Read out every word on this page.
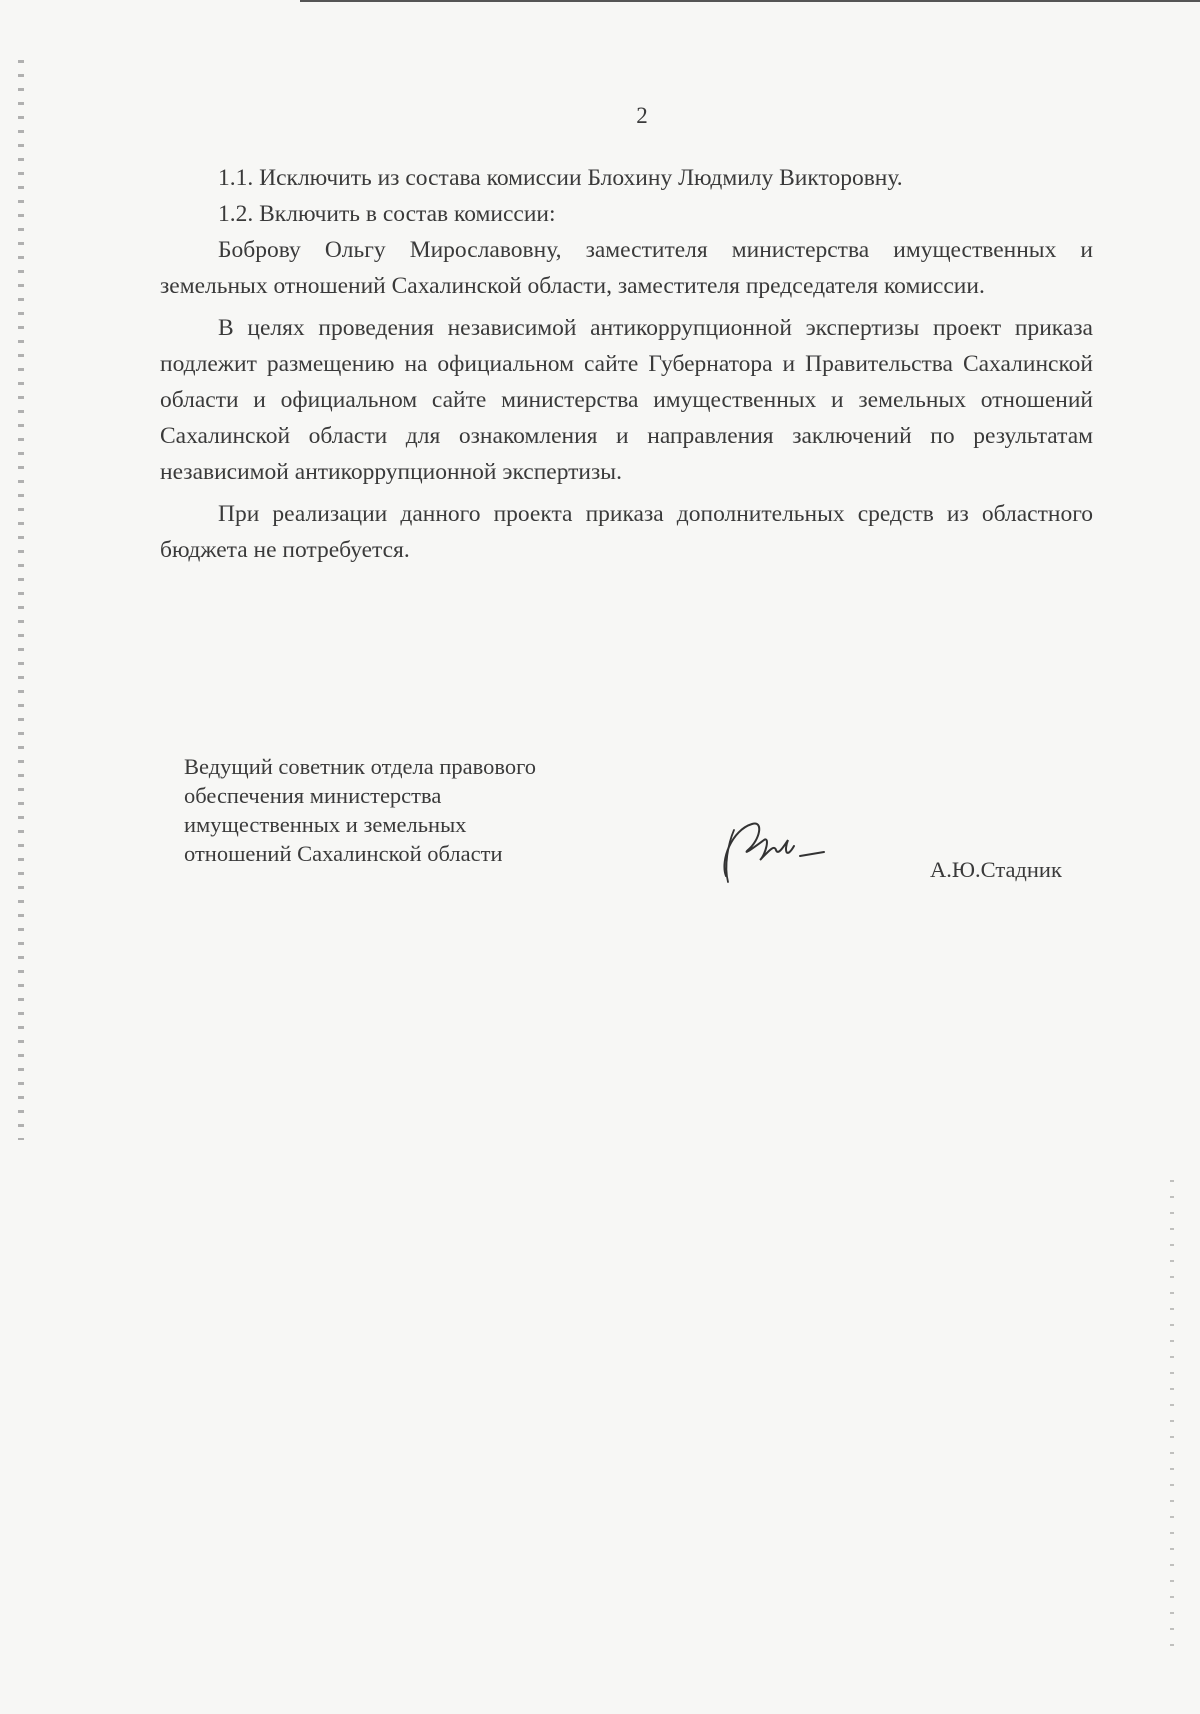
2

1.1. Исключить из состава комиссии Блохину Людмилу Викторовну.

1.2. Включить в состав комиссии:

Боброву Ольгу Мирославовну, заместителя министерства имущественных и земельных отношений Сахалинской области, заместителя председателя комиссии.

В целях проведения независимой антикоррупционной экспертизы проект приказа подлежит размещению на официальном сайте Губернатора и Правительства Сахалинской области и официальном сайте министерства имущественных и земельных отношений Сахалинской области для ознакомления и направления заключений по результатам независимой антикоррупционной экспертизы.

При реализации данного проекта приказа дополнительных средств из областного бюджета не потребуется.

Ведущий советник отдела правового
обеспечения министерства
имущественных и земельных
отношений Сахалинской области
А.Ю.Стадник
